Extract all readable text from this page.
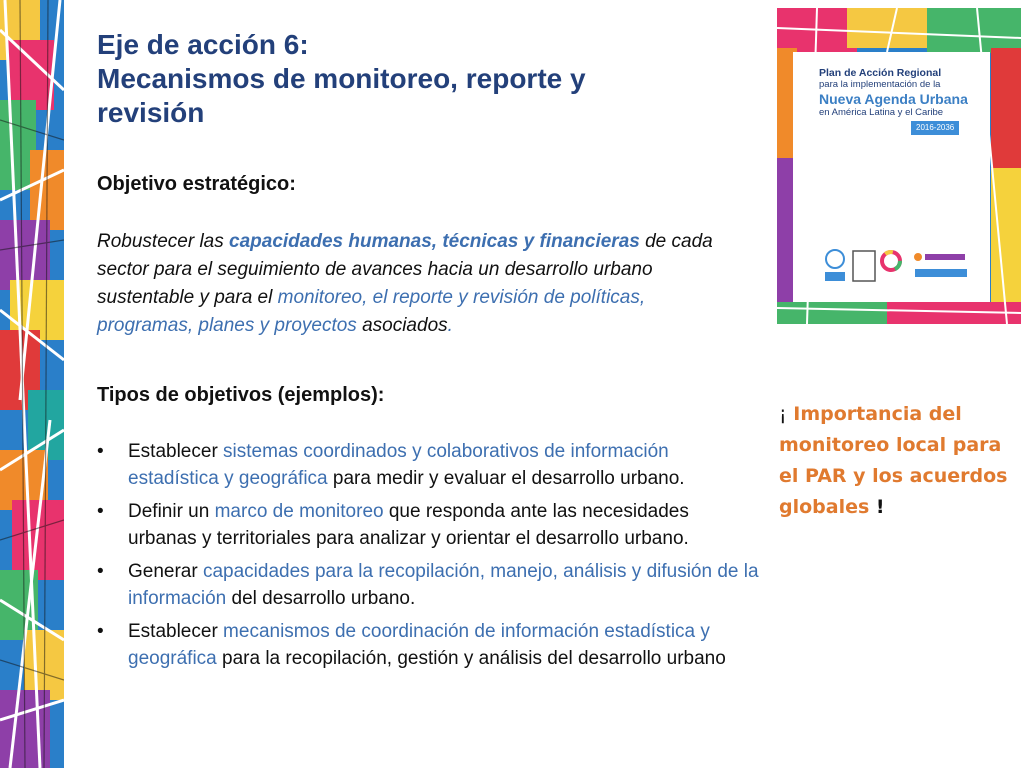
Eje de acción 6:
Mecanismos de monitoreo, reporte y
revisión
Objetivo estratégico:

Robustecer las capacidades humanas, técnicas y financieras de cada sector para el seguimiento de avances hacia un desarrollo urbano sustentable y para el monitoreo, el reporte y revisión de políticas, programas, planes y proyectos asociados.

Tipos de objetivos (ejemplos):
• Establecer sistemas coordinados y colaborativos de información estadística y geográfica para medir y evaluar el desarrollo urbano.
• Definir un marco de monitoreo que responda ante las necesidades urbanas y territoriales para analizar y orientar el desarrollo urbano.
• Generar capacidades para la recopilación, manejo, análisis y difusión de la información del desarrollo urbano.
• Establecer mecanismos de coordinación de información estadística y geográfica para la recopilación, gestión y análisis del desarrollo urbano
Plan de Acción Regional
para la implementación de la
Nueva Agenda Urbana
en América Latina y el Caribe
2016-2036

¡ Importancia del monitoreo local para el PAR y los acuerdos globales !
